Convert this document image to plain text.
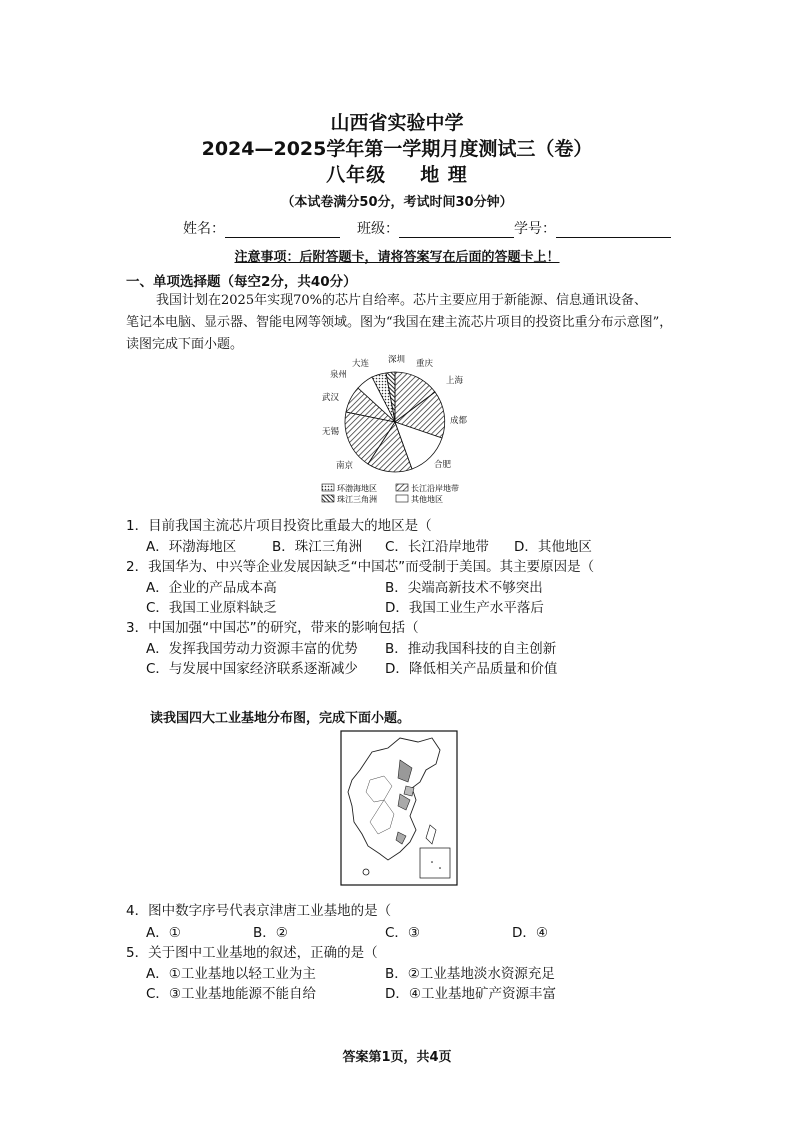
山西省实验中学
2024—2025学年第一学期月度测试三（卷）
八年级 地 理
（本试卷满分50分，考试时间30分钟）
姓名：	班级：	学号：
注意事项：后附答题卡，请将答案写在后面的答题卡上！
一、单项选择题（每空2分，共40分）
我国计划在2025年实现70%的芯片自给率。芯片主要应用于新能源、信息通讯设备、
笔记本电脑、显示器、智能电网等领域。图为“我国在建主流芯片项目的投资比重分布示意图”，
读图完成下面小题。
大连 深圳 重庆
泉州
上海
武汉
成都
无锡
南京	合肥
环渤海地区	长江沿岸地带
珠江三角洲	其他地区
1．目前我国主流芯片项目投资比重最大的地区是（
A．环渤海地区	B．珠江三角洲 C．长江沿岸地带 D．其他地区
2．我国华为、中兴等企业发展因缺乏“中国芯”而受制于美国。其主要原因是（
A．企业的产品成本高	B．尖端高新技术不够突出
C．我国工业原料缺乏	D．我国工业生产水平落后
3．中国加强“中国芯”的研究，带来的影响包括（
A．发挥我国劳动力资源丰富的优势 B．推动我国科技的自主创新
C．与发展中国家经济联系逐渐减少 D．降低相关产品质量和价值
读我国四大工业基地分布图，完成下面小题。
4．图中数字序号代表京津唐工业基地的是（
A．①	B．②	C．③	D．④
5．关于图中工业基地的叙述，正确的是（
A．①工业基地以轻工业为主	B．②工业基地淡水资源充足
C．③工业基地能源不能自给	D．④工业基地矿产资源丰富
答案第1页，共4页
